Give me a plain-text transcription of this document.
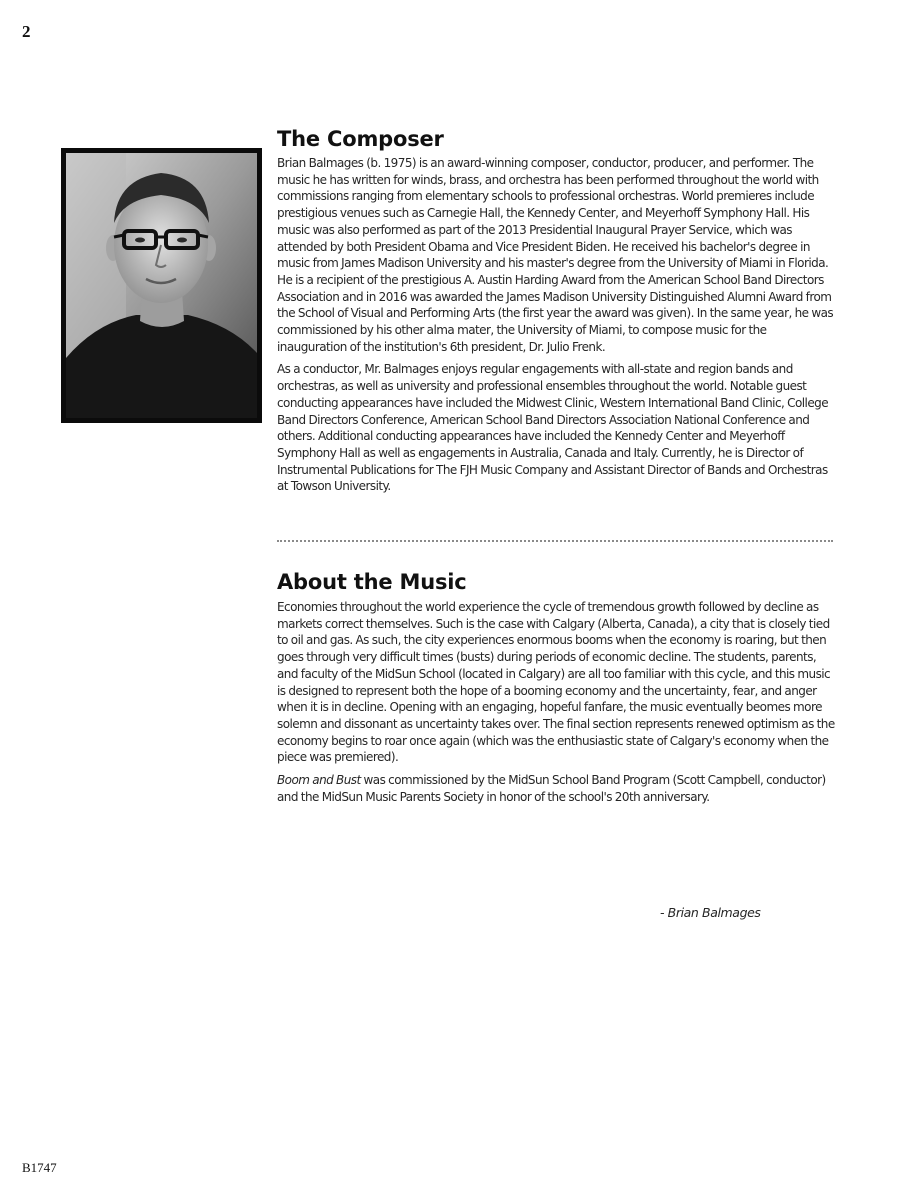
2
The Composer

Brian Balmages (b. 1975) is an award-winning composer, conductor, producer, and performer. The music he has written for winds, brass, and orchestra has been performed throughout the world with commissions ranging from elementary schools to professional orchestras. World premieres include prestigious venues such as Carnegie Hall, the Kennedy Center, and Meyerhoff Symphony Hall. His music was also performed as part of the 2013 Presidential Inaugural Prayer Service, which was attended by both President Obama and Vice President Biden. He received his bachelor's degree in music from James Madison University and his master's degree from the University of Miami in Florida. He is a recipient of the prestigious A. Austin Harding Award from the American School Band Directors Association and in 2016 was awarded the James Madison University Distinguished Alumni Award from the School of Visual and Performing Arts (the first year the award was given). In the same year, he was commissioned by his other alma mater, the University of Miami, to compose music for the inauguration of the institution's 6th president, Dr. Julio Frenk.

As a conductor, Mr. Balmages enjoys regular engagements with all-state and region bands and orchestras, as well as university and professional ensembles throughout the world. Notable guest conducting appearances have included the Midwest Clinic, Western International Band Clinic, College Band Directors Conference, American School Band Directors Association National Conference and others. Additional conducting appearances have included the Kennedy Center and Meyerhoff Symphony Hall as well as engagements in Australia, Canada and Italy. Currently, he is Director of Instrumental Publications for The FJH Music Company and Assistant Director of Bands and Orchestras at Towson University.

About the Music

Economies throughout the world experience the cycle of tremendous growth followed by decline as markets correct themselves. Such is the case with Calgary (Alberta, Canada), a city that is closely tied to oil and gas. As such, the city experiences enormous booms when the economy is roaring, but then goes through very difficult times (busts) during periods of economic decline. The students, parents, and faculty of the MidSun School (located in Calgary) are all too familiar with this cycle, and this music is designed to represent both the hope of a booming economy and the uncertainty, fear, and anger when it is in decline. Opening with an engaging, hopeful fanfare, the music eventually beomes more solemn and dissonant as uncertainty takes over. The final section represents renewed optimism as the economy begins to roar once again (which was the enthusiastic state of Calgary's economy when the piece was premiered).

Boom and Bust was commissioned by the MidSun School Band Program (Scott Campbell, conductor) and the MidSun Music Parents Society in honor of the school's 20th anniversary.

- Brian Balmages
B1747
